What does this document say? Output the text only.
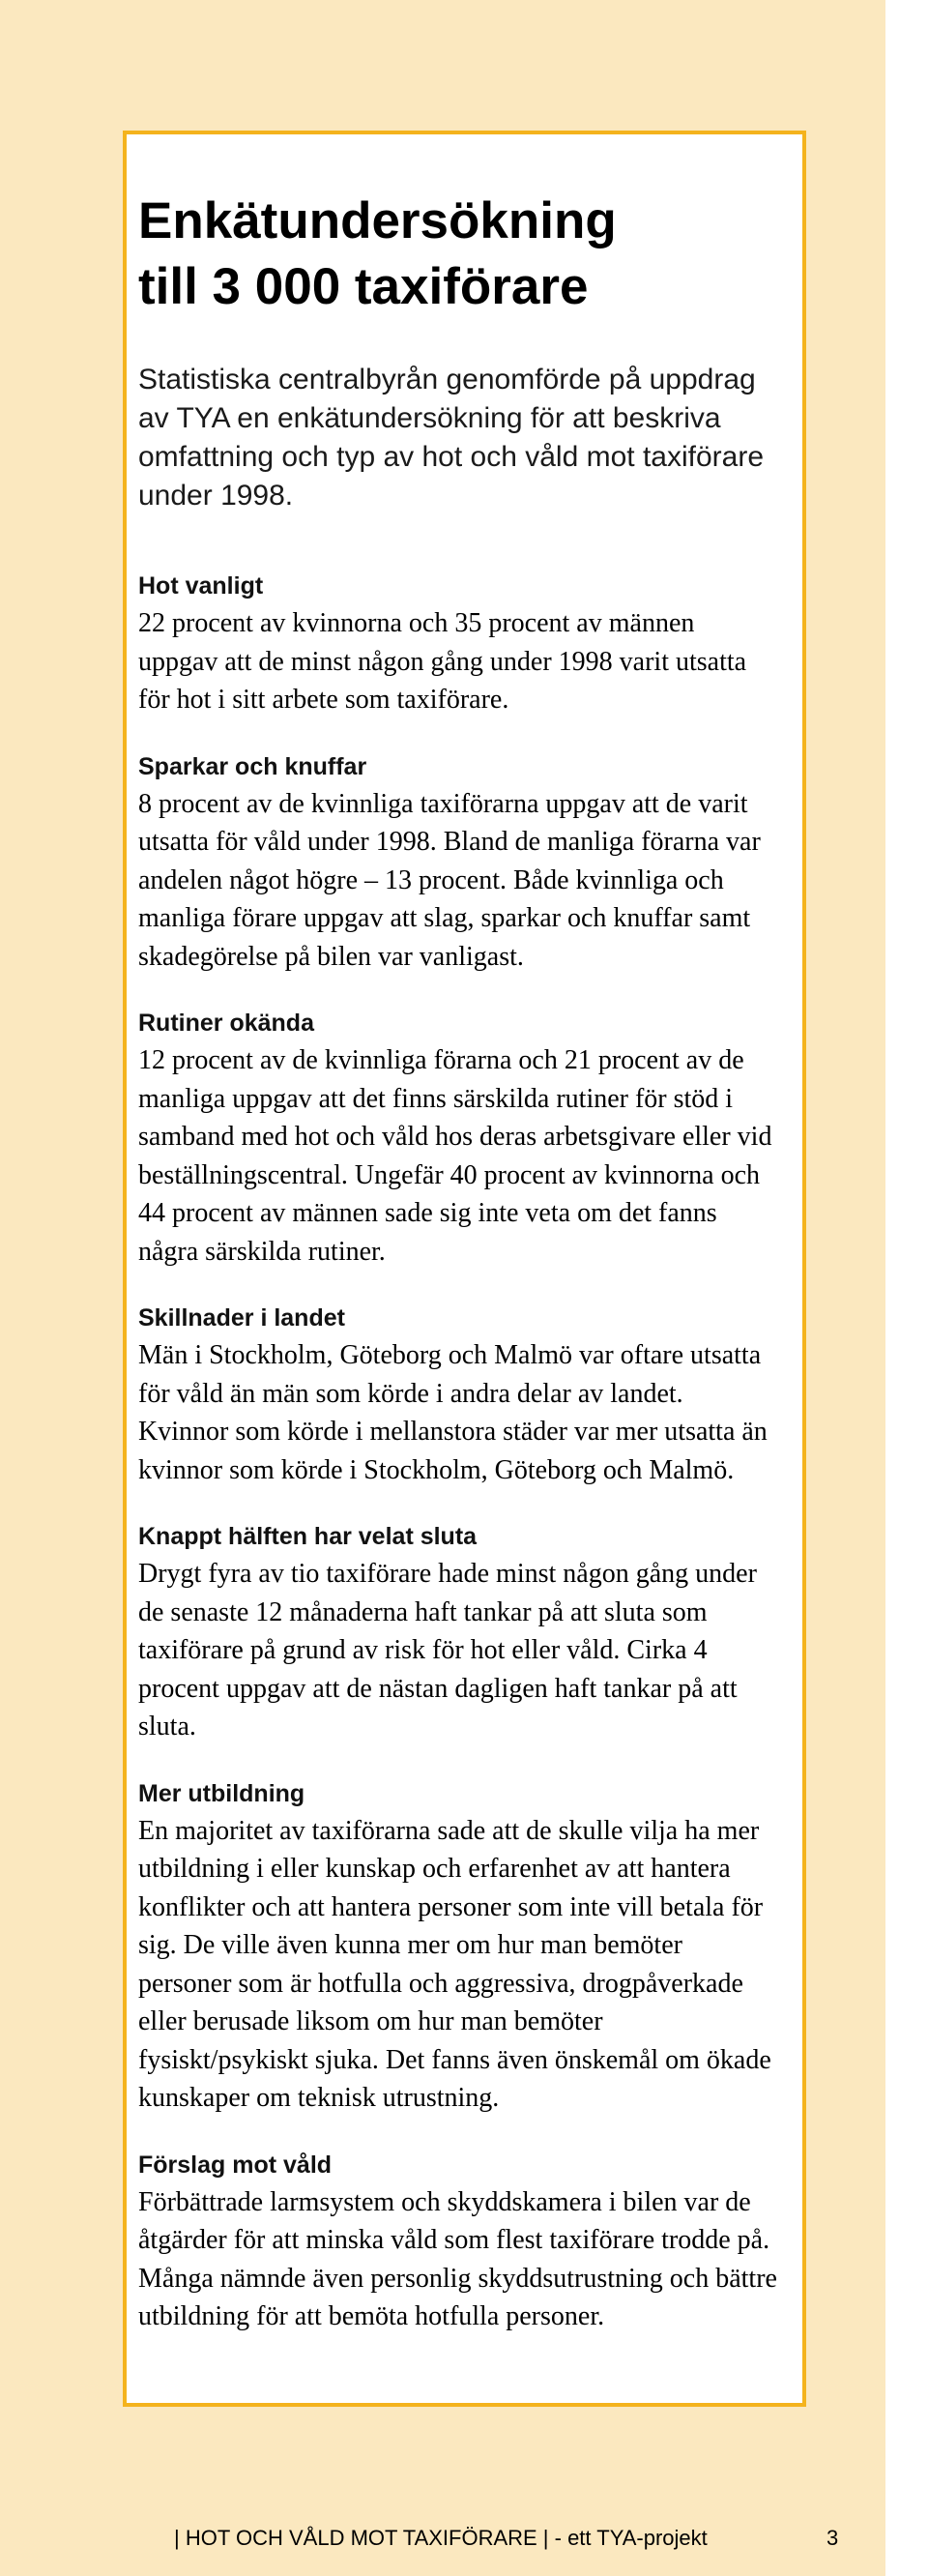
Enkätundersökning
till 3 000 taxiförare

Statistiska centralbyrån genomförde på uppdrag av TYA en enkätundersökning för att beskriva omfattning och typ av hot och våld mot taxiförare under 1998.

Hot vanligt

22 procent av kvinnorna och 35 procent av männen uppgav att de minst någon gång under 1998 varit utsatta för hot i sitt arbete som taxiförare.

Sparkar och knuffar

8 procent av de kvinnliga taxiförarna uppgav att de varit utsatta för våld under 1998. Bland de manliga förarna var andelen något högre – 13 procent. Både kvinnliga och manliga förare uppgav att slag, sparkar och knuffar samt skadegörelse på bilen var vanligast.

Rutiner okända

12 procent av de kvinnliga förarna och 21 procent av de manliga uppgav att det finns särskilda rutiner för stöd i samband med hot och våld hos deras arbetsgivare eller vid beställningscentral. Ungefär 40 procent av kvinnorna och 44 procent av männen sade sig inte veta om det fanns några särskilda rutiner.

Skillnader i landet

Män i Stockholm, Göteborg och Malmö var oftare utsatta för våld än män som körde i andra delar av landet. Kvinnor som körde i mellanstora städer var mer utsatta än kvinnor som körde i Stockholm, Göteborg och Malmö.

Knappt hälften har velat sluta

Drygt fyra av tio taxiförare hade minst någon gång under de senaste 12 månaderna haft tankar på att sluta som taxiförare på grund av risk för hot eller våld. Cirka 4 procent uppgav att de nästan dagligen haft tankar på att sluta.

Mer utbildning

En majoritet av taxiförarna sade att de skulle vilja ha mer utbildning i eller kunskap och erfarenhet av att hantera konflikter och att hantera personer som inte vill betala för sig. De ville även kunna mer om hur man bemöter personer som är hotfulla och aggressiva, drogpåverkade eller berusade liksom om hur man bemöter fysiskt/psykiskt sjuka. Det fanns även önskemål om ökade kunskaper om teknisk utrustning.

Förslag mot våld

Förbättrade larmsystem och skyddskamera i bilen var de åtgärder för att minska våld som flest taxiförare trodde på. Många nämnde även personlig skyddsutrustning och bättre utbildning för att bemöta hotfulla personer.

| HOT OCH VÅLD MOT TAXIFÖRARE | - ett TYA-projekt	3
